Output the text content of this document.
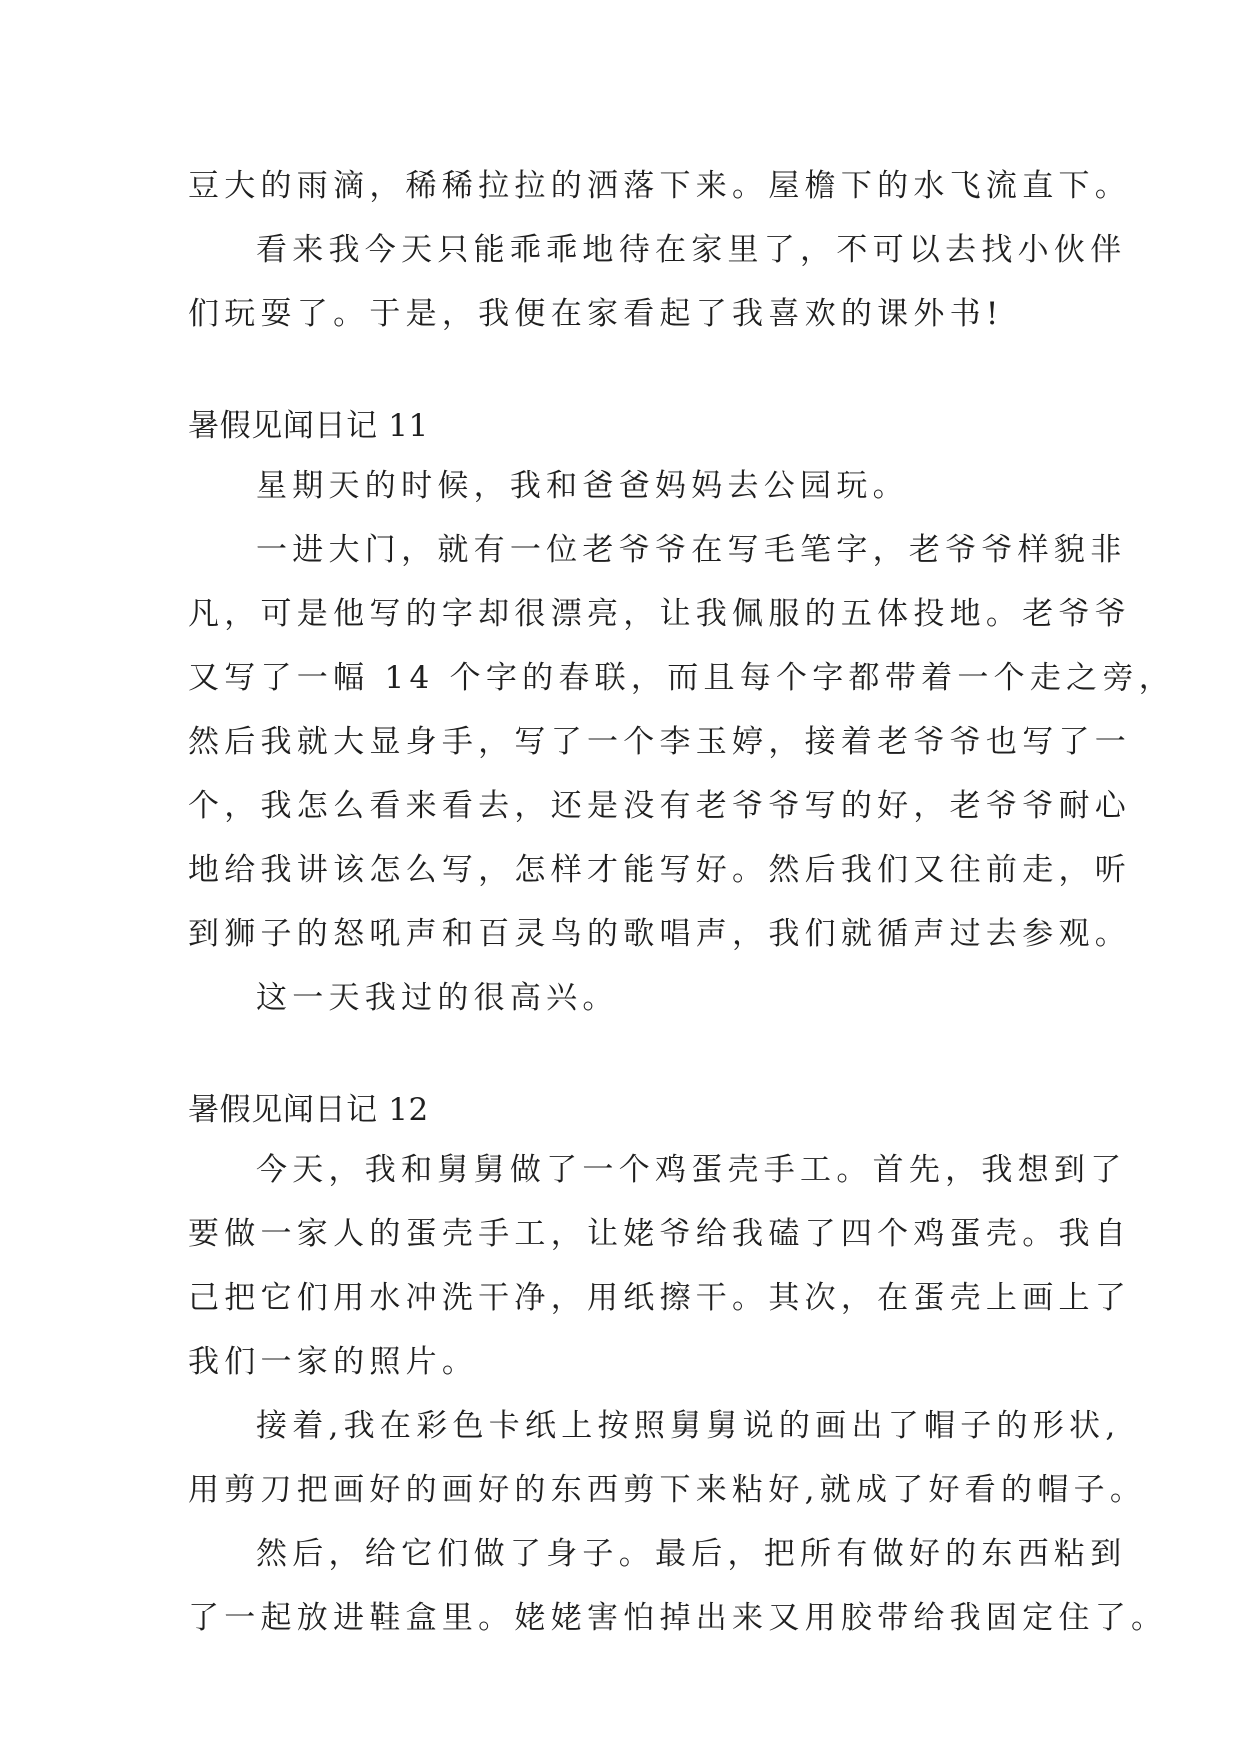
豆大的雨滴，稀稀拉拉的洒落下来。屋檐下的水飞流直下。
看来我今天只能乖乖地待在家里了，不可以去找小伙伴
们玩耍了。于是，我便在家看起了我喜欢的课外书!
暑假见闻日记 11
星期天的时候，我和爸爸妈妈去公园玩。
一进大门，就有一位老爷爷在写毛笔字，老爷爷样貌非
凡，可是他写的字却很漂亮，让我佩服的五体投地。老爷爷
又写了一幅 14 个字的春联，而且每个字都带着一个走之旁，
然后我就大显身手，写了一个李玉婷，接着老爷爷也写了一
个，我怎么看来看去，还是没有老爷爷写的好，老爷爷耐心
地给我讲该怎么写，怎样才能写好。然后我们又往前走，听
到狮子的怒吼声和百灵鸟的歌唱声，我们就循声过去参观。
这一天我过的很高兴。
暑假见闻日记 12
今天，我和舅舅做了一个鸡蛋壳手工。首先，我想到了
要做一家人的蛋壳手工，让姥爷给我磕了四个鸡蛋壳。我自
己把它们用水冲洗干净，用纸擦干。其次，在蛋壳上画上了
我们一家的照片。
接着,我在彩色卡纸上按照舅舅说的画出了帽子的形状,
用剪刀把画好的画好的东西剪下来粘好,就成了好看的帽子。
然后，给它们做了身子。最后，把所有做好的东西粘到
了一起放进鞋盒里。姥姥害怕掉出来又用胶带给我固定住了。
